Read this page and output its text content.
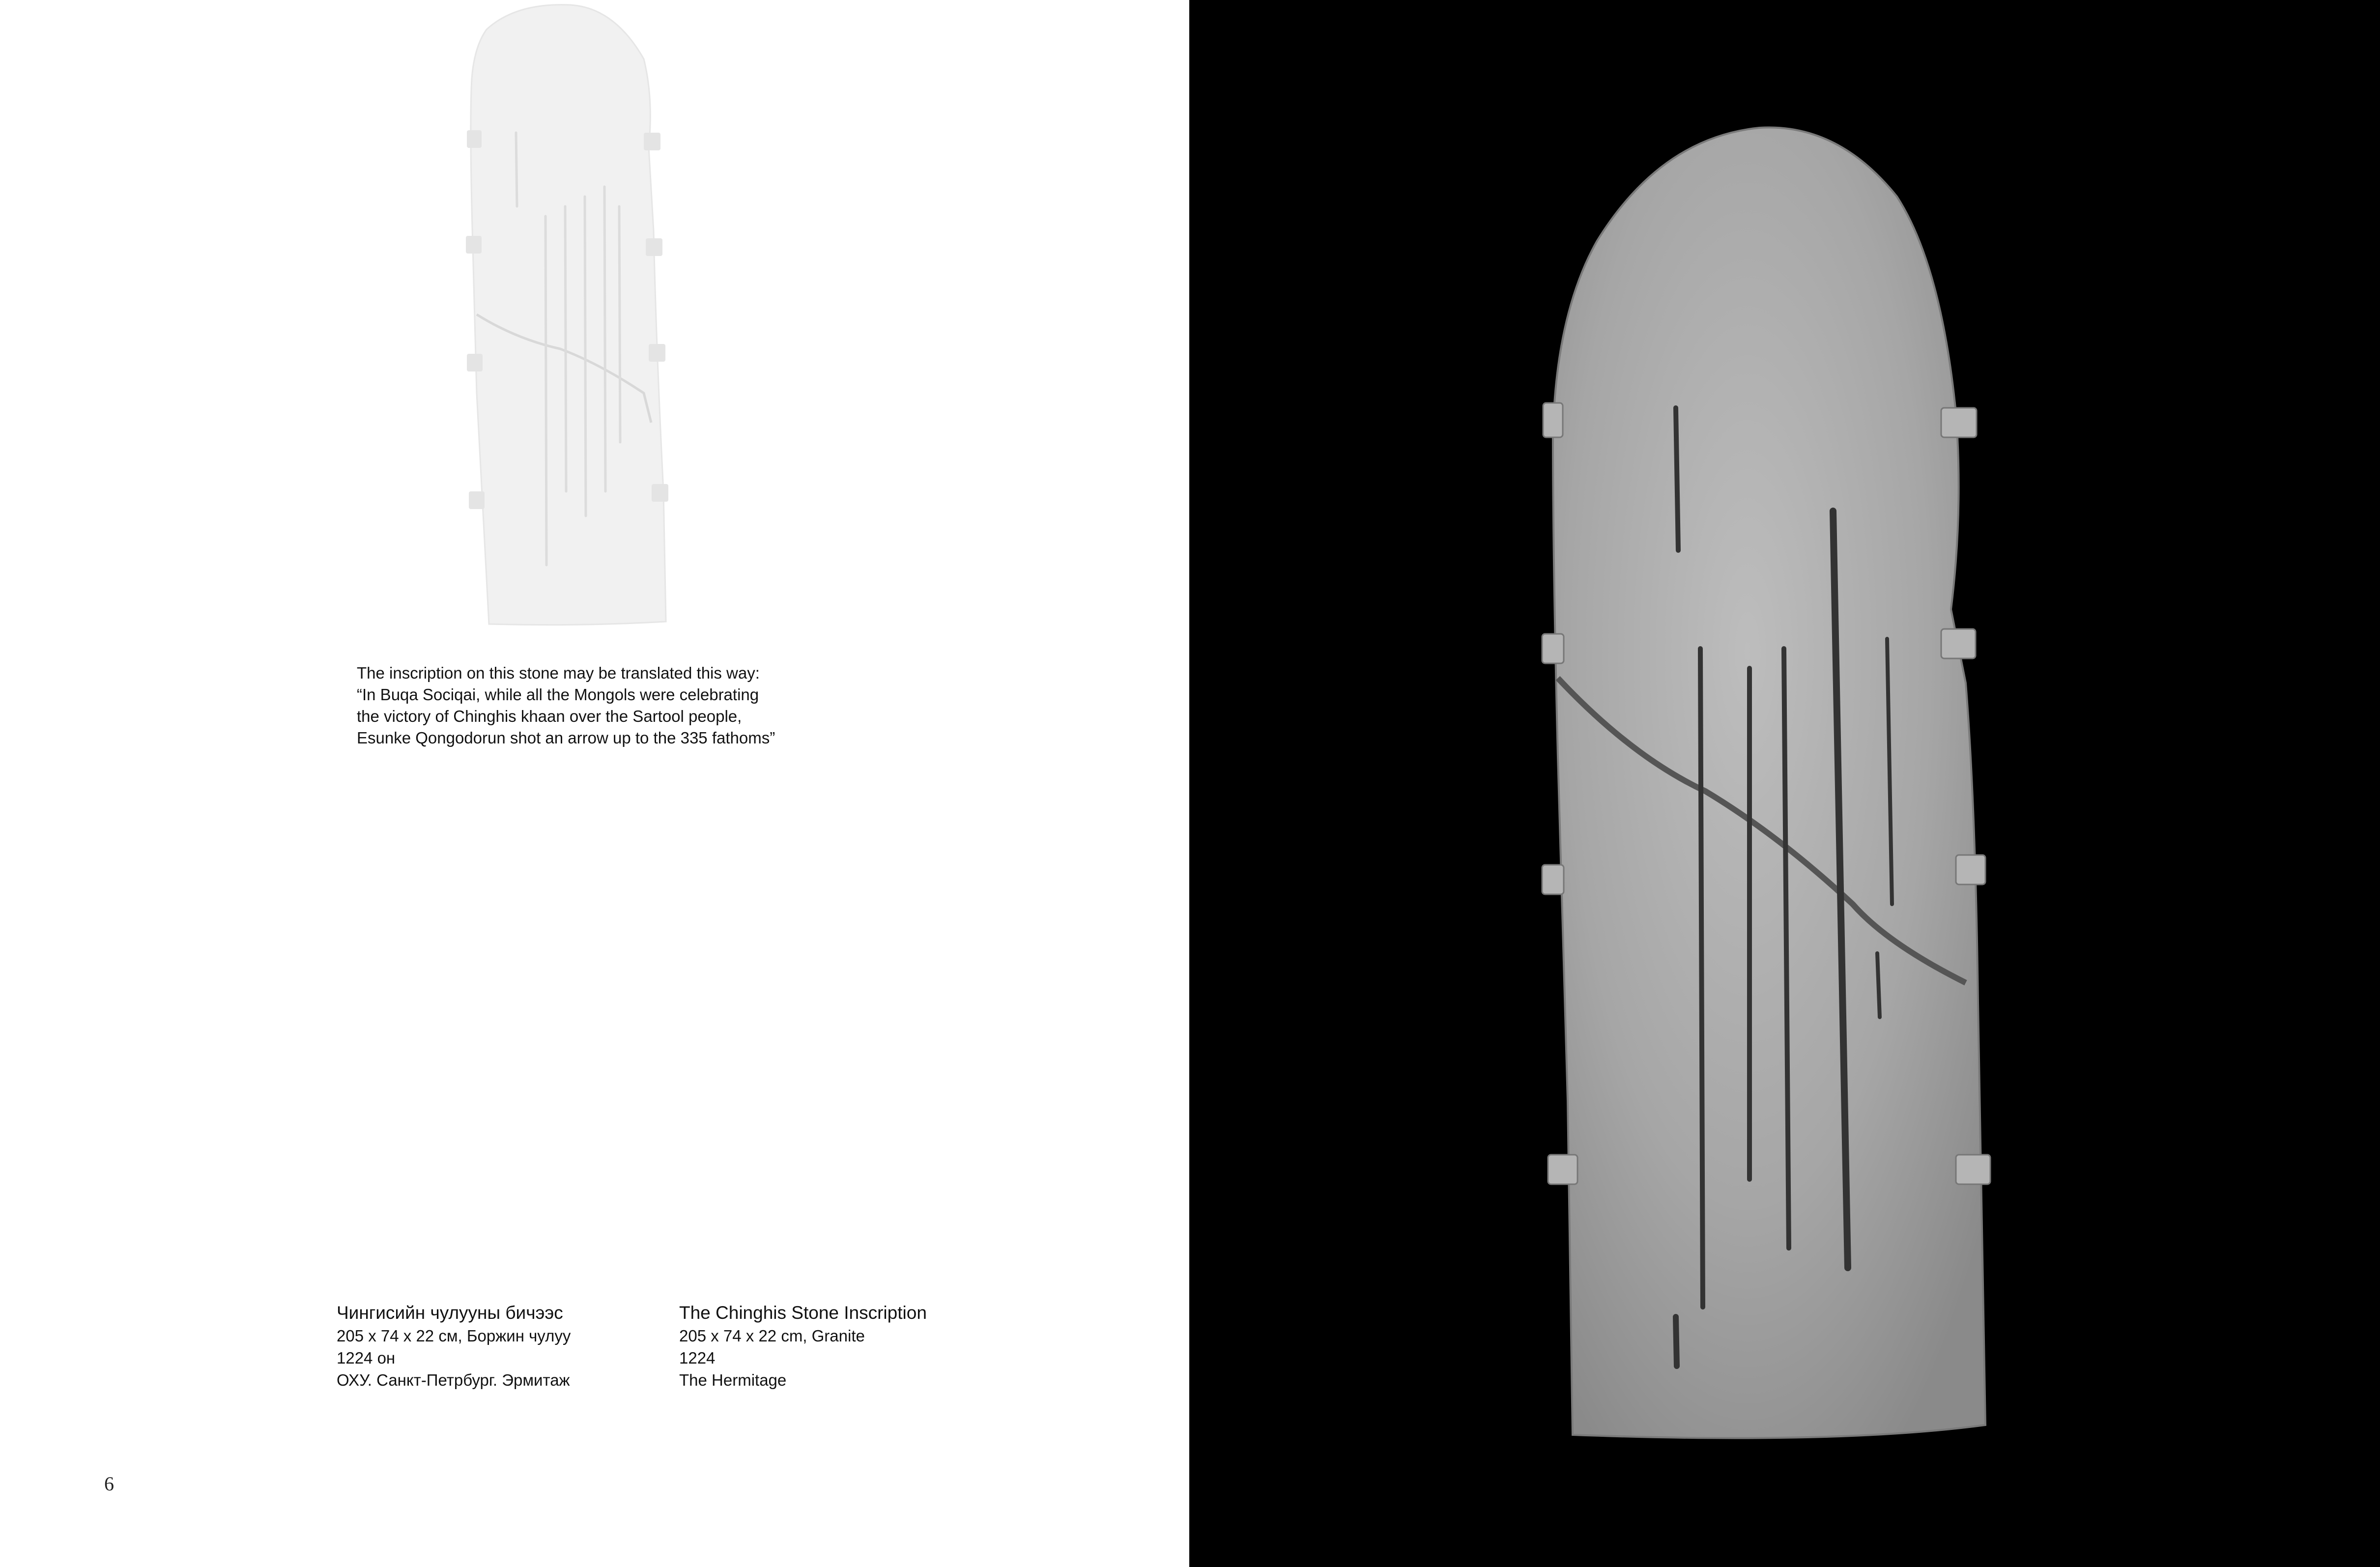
The inscription on this stone may be translated this way:
“In Buqa Sociqai, while all the Mongols were celebrating
the victory of Chinghis khaan over the Sartool people,
Esunke Qongodorun shot an arrow up to the 335 fathoms”
Чингисийн чулууны бичээс
205 x 74 x 22 см, Боржин чулуу
1224 он
ОХУ. Санкт-Петрбург. Эрмитаж
The Chinghis Stone Inscription
205 x 74 x 22 cm, Granite
1224
The Hermitage
6
